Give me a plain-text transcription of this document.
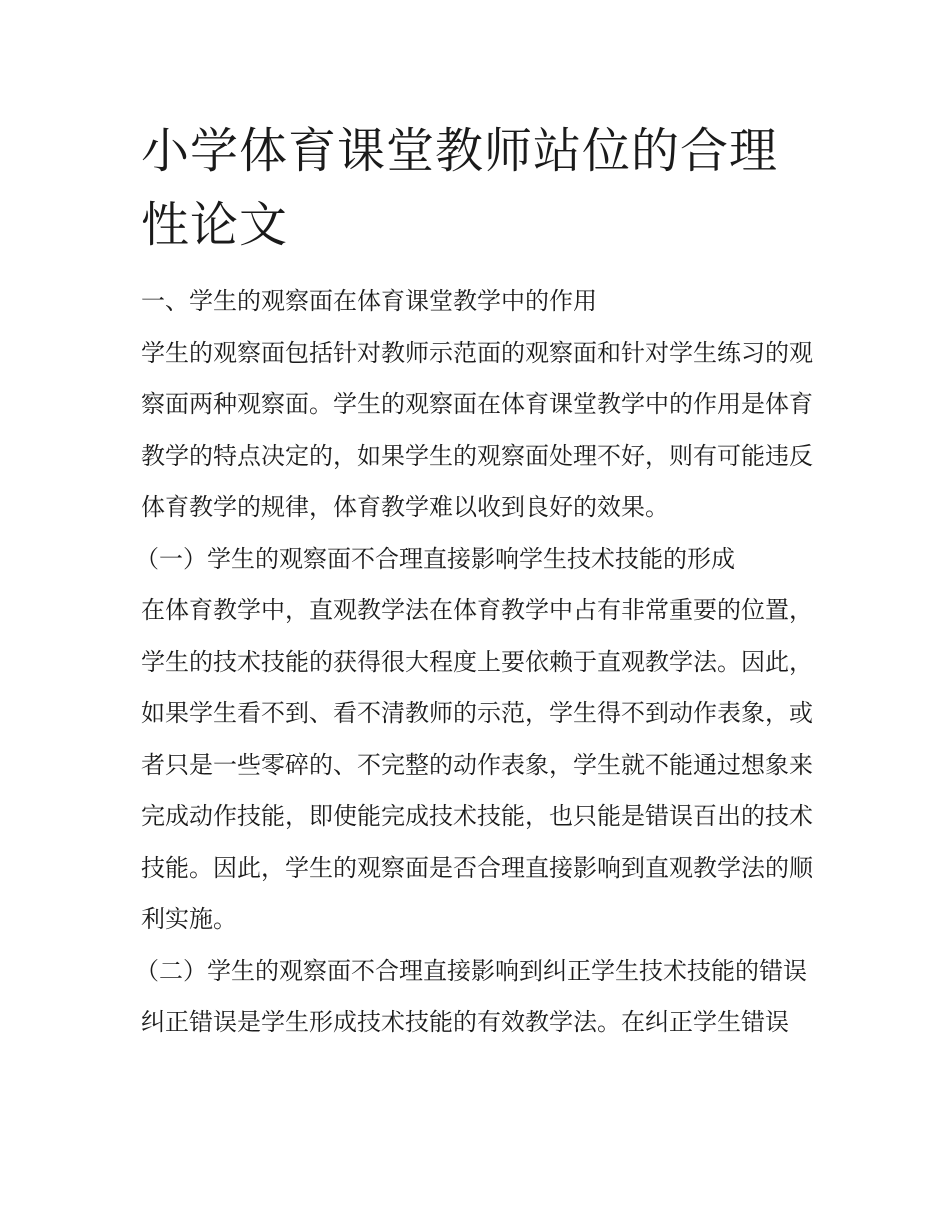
小学体育课堂教师站位的合理性论文

一、学生的观察面在体育课堂教学中的作用

学生的观察面包括针对教师示范面的观察面和针对学生练习的观察面两种观察面。学生的观察面在体育课堂教学中的作用是体育教学的特点决定的，如果学生的观察面处理不好，则有可能违反体育教学的规律，体育教学难以收到良好的效果。

（一）学生的观察面不合理直接影响学生技术技能的形成

在体育教学中，直观教学法在体育教学中占有非常重要的位置，学生的技术技能的获得很大程度上要依赖于直观教学法。因此，如果学生看不到、看不清教师的示范，学生得不到动作表象，或者只是一些零碎的、不完整的动作表象，学生就不能通过想象来完成动作技能，即使能完成技术技能，也只能是错误百出的技术技能。因此，学生的观察面是否合理直接影响到直观教学法的顺利实施。

（二）学生的观察面不合理直接影响到纠正学生技术技能的错误

纠正错误是学生形成技术技能的有效教学法。在纠正学生错误
